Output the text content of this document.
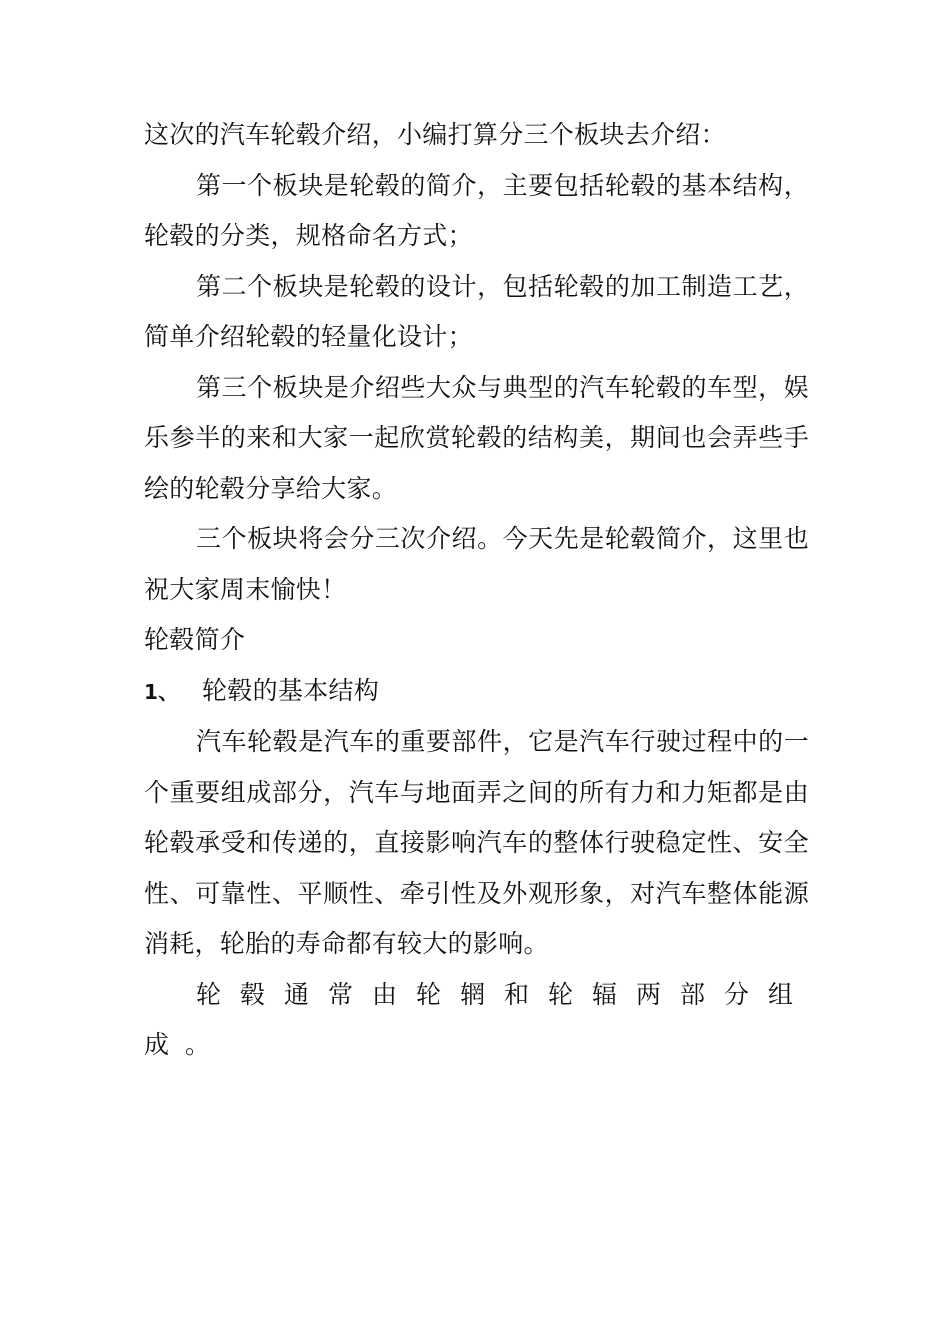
这次的汽车轮毂介绍，小编打算分三个板块去介绍：

第一个板块是轮毂的简介，主要包括轮毂的基本结构，轮毂的分类，规格命名方式；

第二个板块是轮毂的设计，包括轮毂的加工制造工艺，简单介绍轮毂的轻量化设计；

第三个板块是介绍些大众与典型的汽车轮毂的车型，娱乐参半的来和大家一起欣赏轮毂的结构美，期间也会弄些手绘的轮毂分享给大家。

三个板块将会分三次介绍。今天先是轮毂简介，这里也祝大家周末愉快！

轮毂简介

1、 轮毂的基本结构

汽车轮毂是汽车的重要部件，它是汽车行驶过程中的一个重要组成部分，汽车与地面弄之间的所有力和力矩都是由轮毂承受和传递的，直接影响汽车的整体行驶稳定性、安全性、可靠性、平顺性、牵引性及外观形象，对汽车整体能源消耗，轮胎的寿命都有较大的影响。

轮毂通常由轮辋和轮辐两部分组成。
